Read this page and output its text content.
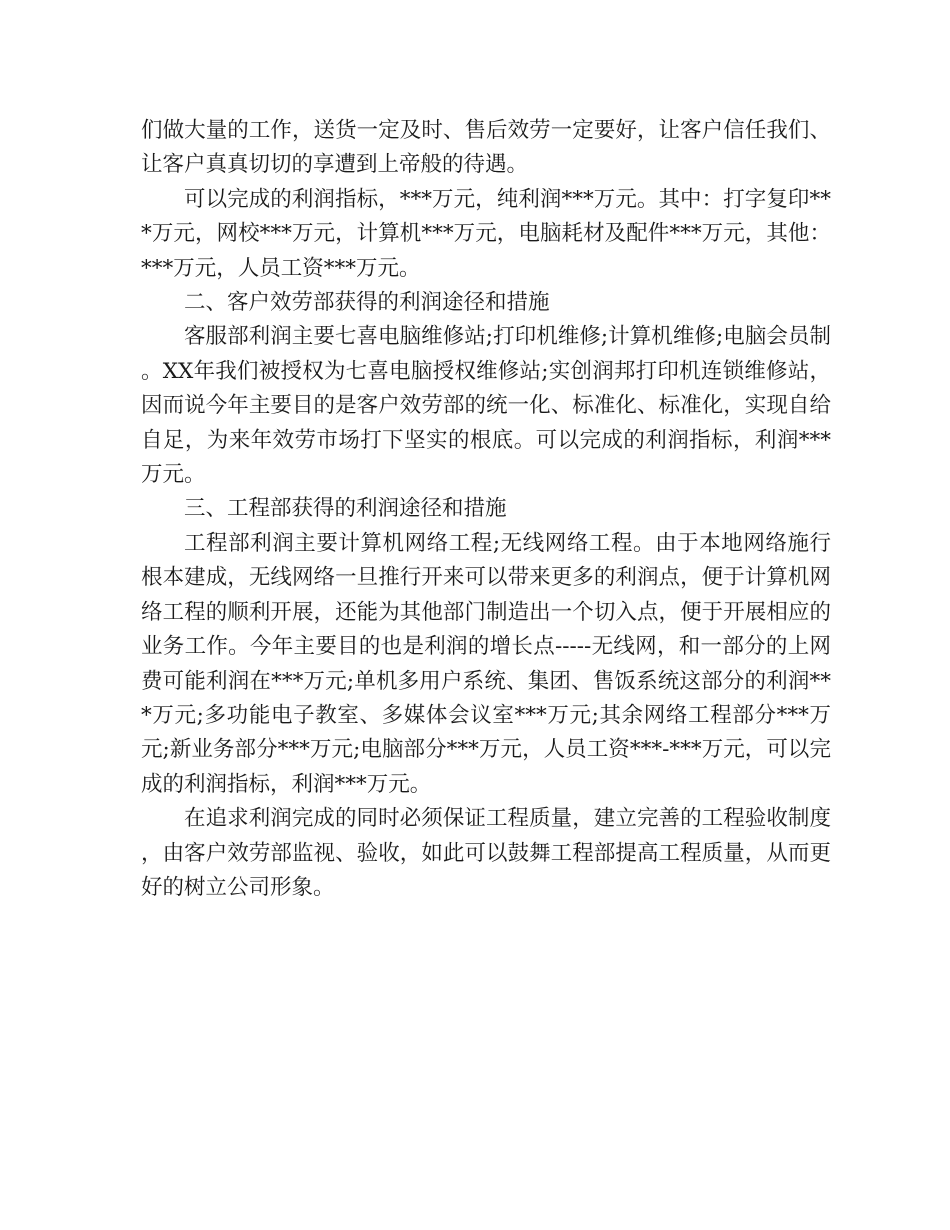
们做大量的工作，送货一定及时、售后效劳一定要好，让客户信任我们、让客户真真切切的享遭到上帝般的待遇。

可以完成的利润指标，***万元，纯利润***万元。其中：打字复印***万元，网校***万元，计算机***万元，电脑耗材及配件***万元，其他：***万元，人员工资***万元。

二、客户效劳部获得的利润途径和措施

客服部利润主要七喜电脑维修站;打印机维修;计算机维修;电脑会员制。XX年我们被授权为七喜电脑授权维修站;实创润邦打印机连锁维修站，因而说今年主要目的是客户效劳部的统一化、标准化、标准化，实现自给自足，为来年效劳市场打下坚实的根底。可以完成的利润指标，利润***万元。

三、工程部获得的利润途径和措施

工程部利润主要计算机网络工程;无线网络工程。由于本地网络施行根本建成，无线网络一旦推行开来可以带来更多的利润点，便于计算机网络工程的顺利开展，还能为其他部门制造出一个切入点，便于开展相应的业务工作。今年主要目的也是利润的增长点-----无线网，和一部分的上网费可能利润在***万元;单机多用户系统、集团、售饭系统这部分的利润***万元;多功能电子教室、多媒体会议室***万元;其余网络工程部分***万元;新业务部分***万元;电脑部分***万元，人员工资***-***万元，可以完成的利润指标，利润***万元。

在追求利润完成的同时必须保证工程质量，建立完善的工程验收制度，由客户效劳部监视、验收，如此可以鼓舞工程部提高工程质量，从而更好的树立公司形象。
